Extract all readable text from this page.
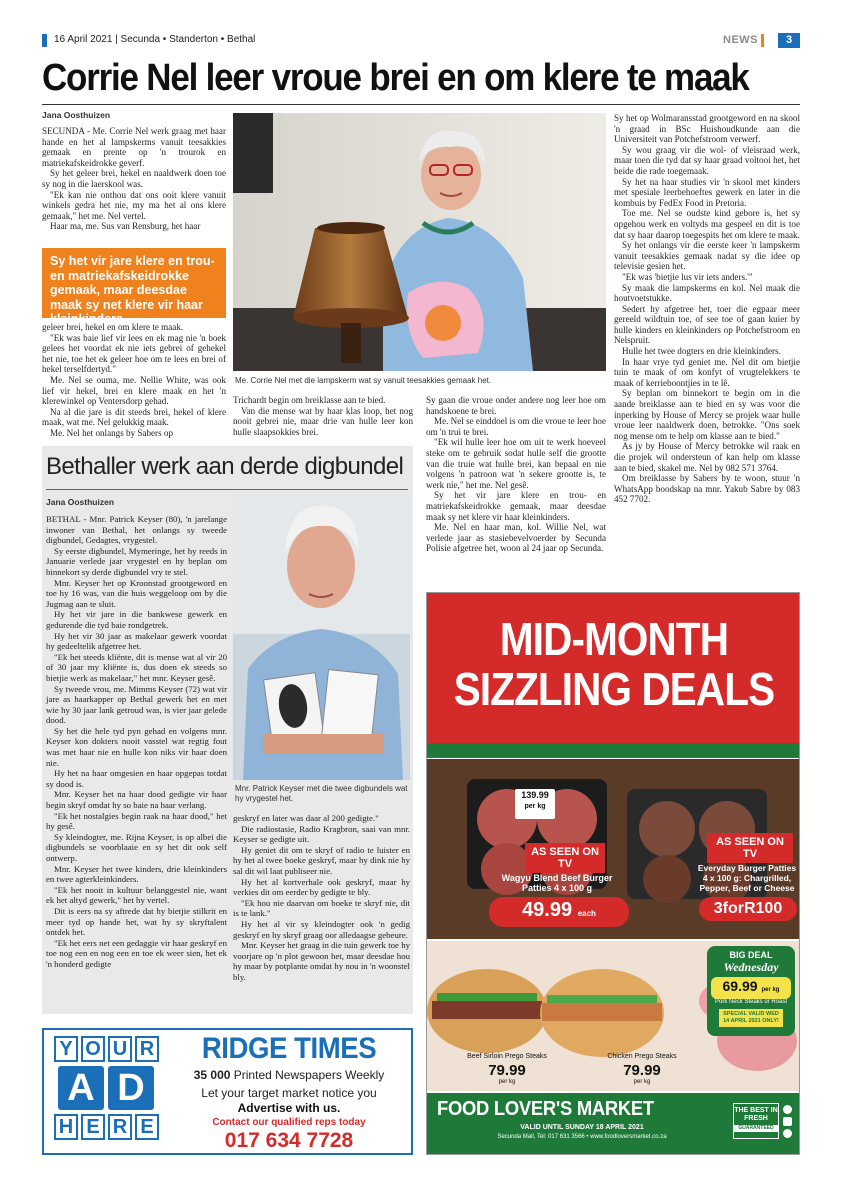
16 April 2021 | Secunda • Standerton • Bethal	NEWS	3
Corrie Nel leer vroue brei en om klere te maak
Jana Oosthuizen

SECUNDA - Me. Corrie Nel werk graag met haar hande en het al lampskerms vanuit teesakkies gemaak en prente op 'n trourok en matriekafskeidrokke geverf.

Sy het geleer brei, hekel en naaldwerk doen toe sy nog in die laerskool was.

"Ek kan nie onthou dat ons ooit klere vanuit winkels gedra het nie, my ma het al ons klere gemaak," het me. Nel vertel.

Haar ma, me. Sus van Rensburg, het haar

Sy het vir jare klere en trou- en matriekafskeidrokke gemaak, maar deesdae maak sy net klere vir haar kleinkinders

geleer brei, hekel en om klere te maak.

"Ek was baie lief vir lees en ek mag nie 'n boek gelees het voordat ek nie iets gebrei of gehekel het nie, toe het ek geleer hoe om te lees en brei of hekel terselfdertyd."

Me. Nel se ouma, me. Nellie White, was ook lief vir hekel, brei en klere maak en het 'n klerewinkel op Ventersdorp gehad.

Na al die jare is dit steeds brei, hekel of klere maak, wat me. Nel gelukkig maak.

Me. Nel het onlangs by Sabers op

Me. Corrie Nel met die lampskerm wat sy vanuit teesakkies gemaak het.

Trichardt begin om breiklasse aan te bied.

Van die mense wat by haar klas loop, het nog nooit gebrei nie, maar drie van hulle leer kon hulle slaapsokkies brei.

Sy gaan die vroue onder andere nog leer hoe om handskoene te brei.

Me. Nel se einddoel is om die vroue te leer hoe om 'n trui te brei.

"Ek wil hulle leer hoe om uit te werk hoeveel steke om te gebruik sodat hulle self die grootte van die truie wat hulle brei, kan bepaal en nie volgens 'n patroon wat 'n sekere grootte is, te werk nie," het me. Nel gesê.

Sy het vir jare klere en trou- en matriekafskeidrokke gemaak, maar deesdae maak sy net klere vir haar kleinkinders.

Me. Nel en haar man, kol. Willie Nel, wat verlede jaar as stasiebevelvoerder by Secunda Polisie afgetree het, woon al 24 jaar op Secunda.

Sy het op Wolmaransstad grootgeword en na skool 'n graad in BSc Huishoudkunde aan die Universiteit van Potchefstroom verwerf.

Sy wou graag vir die wol- of vleisraad werk, maar toen die tyd dat sy haar graad voltooi het, het beide die rade toegemaak.

Sy het na haar studies vir 'n skool met kinders met spesiale leerbehoeftes gewerk en later in die kombuis by FedEx Food in Pretoria.

Toe me. Nel se oudste kind gebore is, het sy opgehou werk en voltyds ma gespeel en dit is toe dat sy haar daarop toegespits het om klere te maak.

Sy het onlangs vir die eerste keer 'n lampskerm vanuit teesakkies gemaak nadat sy die idee op televisie gesien het.

"Ek was 'bietjie lus vir iets anders.'"

Sy maak die lampskerms en kol. Nel maak die houtvoetstukke.

Sedert hy afgetree het, toer die egpaar meer gereeld wildtuin toe, of see toe of gaan kuier by hulle kinders en kleinkinders op Potchefstroom en Nelspruit.

Hulle het twee dogters en drie kleinkinders.

In haar vrye tyd geniet me. Nel dit om bietjie tuin te maak of om konfyt of vrugtelekkers te maak of kerrieboontjies in te lê.

Sy beplan om binnekort te begin om in die aande breiklasse aan te bied en sy was voor die inperking by House of Mercy se projek waar hulle vroue leer naaldwerk doen, betrokke. "Ons soek nog mense om te help om klasse aan te bied."

As jy by House of Mercy betrokke wil raak en die projek wil ondersteun of kan help om klasse aan te bied, skakel me. Nel by 082 571 3764.

Om breiklasse by Sabers by te woon, stuur 'n WhatsApp boodskap na mnr. Yakub Sabre by 083 452 7702.

Bethaller werk aan derde digbundel
Jana Oosthuizen

BETHAL - Mnr. Patrick Keyser (80), 'n jarelange inwoner van Bethal, het onlangs sy tweede digbundel, Gedagtes, vrygestel.

Sy eerste digbundel, Mymeringe, het hy reeds in Januarie verlede jaar vrygestel en hy beplan om binnekort sy derde digbundel vry te stel.

Mnr. Keyser het op Kroonstad grootgeword en toe hy 16 was, van die huis weggeloop om by die Jugmag aan te sluit.

Hy het vir jare in die bankwese gewerk en gedurende die tyd baie rondgetrek.

Hy het vir 30 jaar as makelaar gewerk voordat hy gedeeltelik afgetree het.

"Ek het steeds kliënte, dit is mense wat al vir 20 of 30 jaar my kliënte is, dus doen ek steeds so bietjie werk as makelaar," het mnr. Keyser gesê.

Sy tweede vrou, me. Mimms Keyser (72) wat vir jare as haarkapper op Bethal gewerk het en met wie hy 30 jaar lank getroud was, is vier jaar gelede dood.

Sy het die hele tyd pyn gehad en volgens mnr. Keyser kon dokters nooit vasstel wat regtig fout was met haar nie en hulle kon niks vir haar doen nie.

Hy het na haar omgesien en haar opgepas totdat sy dood is.

Mnr. Keyser het na haar dood gedigte vir haar begin skryf omdat hy so baie na haar verlang.

"Ek het nostalgies begin raak na haar dood," het hy gesê.

Sy kleindogter, me. Rijna Keyser, is op albei die digbundels se voorblaaie en sy het dit ook self ontwerp.

Mnr. Keyser het twee kinders, drie kleinkinders en twee agterkleinkinders.

"Ek het nooit in kultuur belanggestel nie, want ek het altyd gewerk," het hy vertel.

Dit is eers na sy aftrede dat hy bietjie stilkrit en meer tyd op hande het, wat hy sy skryftalent ontdek het.

"Ek het eers net een gedaggie vir haar geskryf en toe nog een en nog een en toe ek weer sien, het ek 'n honderd gedigte

Mnr. Patrick Keyser met die twee digbundels wat hy vrygestel het.

geskryf en later was daar al 200 gedigte."

Die radiostasie, Radio Kragbron, saai van mnr. Keyser se gedigte uit.

Hy geniet dit om te skryf of radio te luister en hy het al twee boeke geskryf, maar hy dink nie hy sal dit wil laat publiseer nie.

Hy het al kortverhale ook geskryf, maar hy verkies dit om eerder by gedigte te bly.

"Ek hou nie daarvan om boeke te skryf nie, dit is te lank."

Hy het al vir sy kleindogter ook 'n gedig geskryf en hy skryf graag oor alledaagse gebeure.

Mnr. Keyser het graag in die tuin gewerk toe hy voorjare op 'n plot gewoon het, maar deesdae hou hy maar by potplante omdat hy nou in 'n woonstel bly.

Y O U R
A D
H E R E
RIDGE TIMES
35 000 Printed Newspapers Weekly
Let your target market notice you
Advertise with us.
Contact our qualified reps today
017 634 7728
MID-MONTH
SIZZLING DEALS
AS SEEN ON TV
Wagyu Blend Beef Burger Patties 4 x 100 g
49.99 each
139.99
per kg
AS SEEN ON TV
Everyday Burger Patties 4 x 100 g: Chargrilled, Pepper, Beef or Cheese
3forR100
Beef Sirloin Prego Steaks
79.99
per kg
Chicken Prego Steaks
79.99
per kg
BIG DEAL
Wednesday
69.99 per kg
Pork Neck Steaks or Roast
SPECIAL VALID WED 14 APRIL 2021 ONLY!
FOOD LOVER'S MARKET
VALID UNTIL SUNDAY 18 APRIL 2021
Secunda Mall, Tel: 017 631 3566 • www.foodloversmarket.co.za
THE BEST IN FRESH
GUARANTEED
